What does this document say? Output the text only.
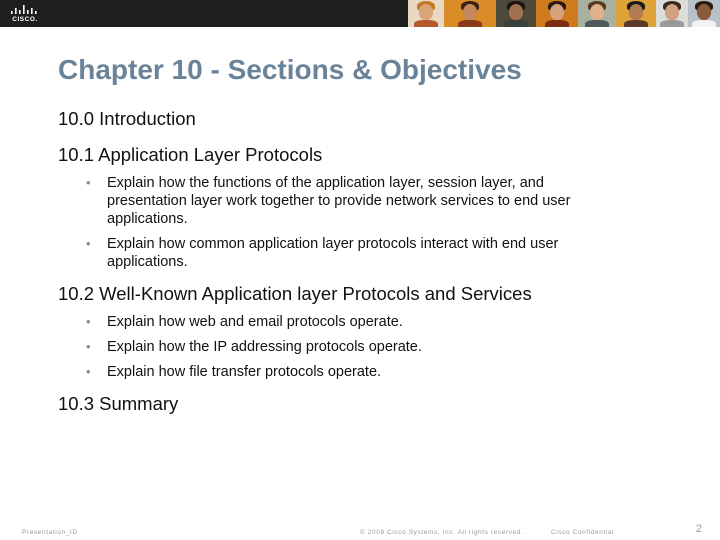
CISCO.
Chapter 10 - Sections & Objectives
10.0 Introduction
10.1 Application Layer Protocols
• Explain how the functions of the application layer, session layer, and presentation layer work together to provide network services to end user applications.
• Explain how common application layer protocols interact with end user applications.
10.2 Well-Known Application layer Protocols and Services
• Explain how web and email protocols operate.
• Explain how the IP addressing protocols operate.
• Explain how file transfer protocols operate.
10.3 Summary
Presentation_ID	© 2008 Cisco Systems, Inc. All rights reserved.	Cisco Confidential	2
